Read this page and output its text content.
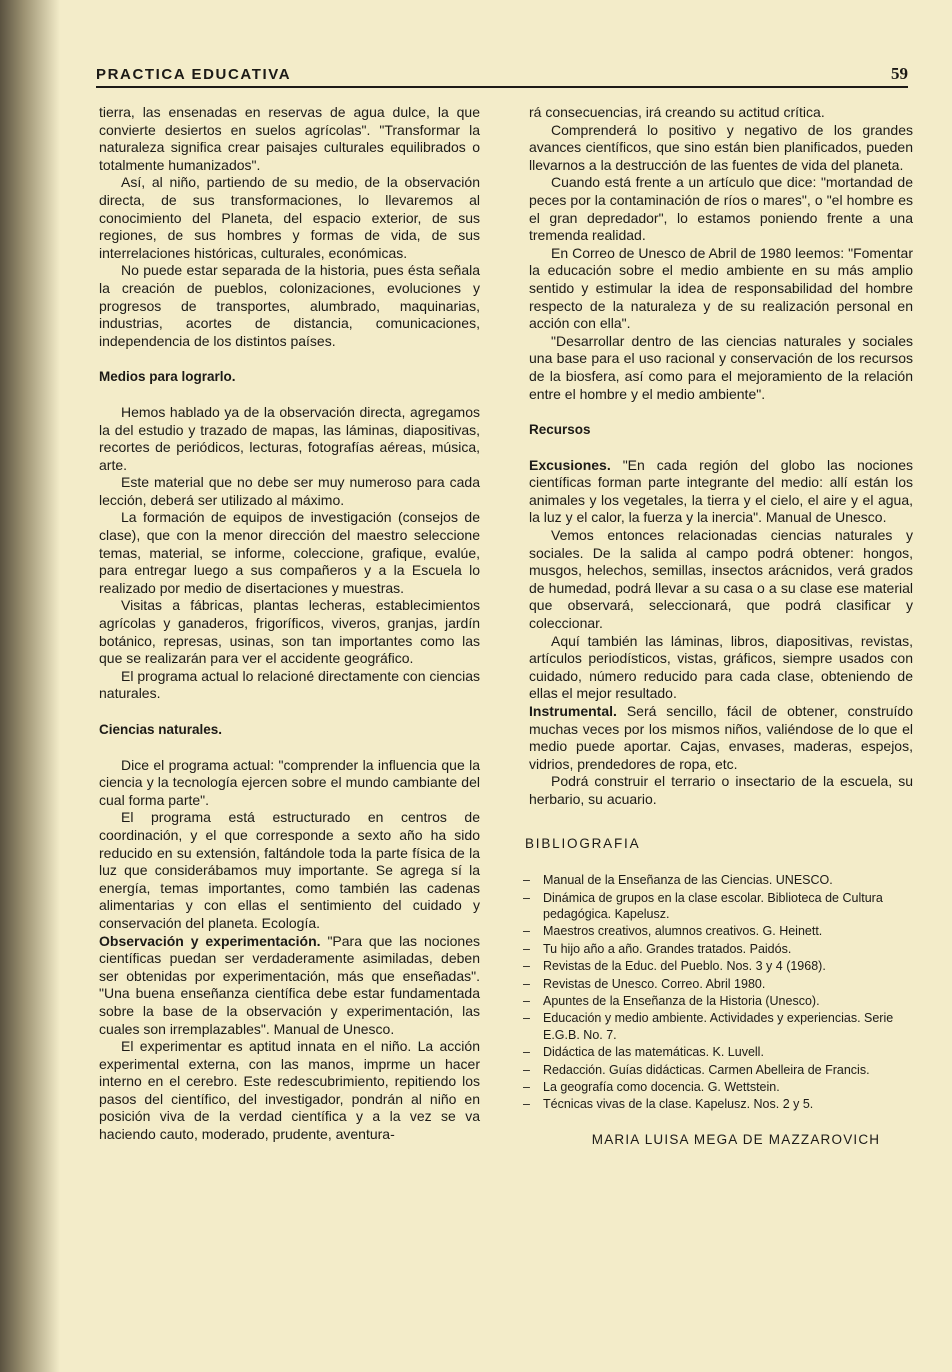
PRACTICA EDUCATIVA	59

tierra, las ensenadas en reservas de agua dulce, la que convierte desiertos en suelos agrícolas". "Transformar la naturaleza significa crear paisajes culturales equilibrados o totalmente humanizados".

Así, al niño, partiendo de su medio, de la observación directa, de sus transformaciones, lo llevaremos al conocimiento del Planeta, del espacio exterior, de sus regiones, de sus hombres y formas de vida, de sus interrelaciones históricas, culturales, económicas.

No puede estar separada de la historia, pues ésta señala la creación de pueblos, colonizaciones, evoluciones y progresos de transportes, alumbrado, maquinarias, industrias, acortes de distancia, comunicaciones, independencia de los distintos países.

Medios para lograrlo.

Hemos hablado ya de la observación directa, agregamos la del estudio y trazado de mapas, las láminas, diapositivas, recortes de periódicos, lecturas, fotografías aéreas, música, arte.

Este material que no debe ser muy numeroso para cada lección, deberá ser utilizado al máximo.

La formación de equipos de investigación (consejos de clase), que con la menor dirección del maestro seleccione temas, material, se informe, coleccione, grafique, evalúe, para entregar luego a sus compañeros y a la Escuela lo realizado por medio de disertaciones y muestras.

Visitas a fábricas, plantas lecheras, establecimientos agrícolas y ganaderos, frigoríficos, viveros, granjas, jardín botánico, represas, usinas, son tan importantes como las que se realizarán para ver el accidente geográfico.

El programa actual lo relacioné directamente con ciencias naturales.

Ciencias naturales.

Dice el programa actual: "comprender la influencia que la ciencia y la tecnología ejercen sobre el mundo cambiante del cual forma parte".

El programa está estructurado en centros de coordinación, y el que corresponde a sexto año ha sido reducido en su extensión, faltándole toda la parte física de la luz que considerábamos muy importante. Se agrega sí la energía, temas importantes, como también las cadenas alimentarias y con ellas el sentimiento del cuidado y conservación del planeta. Ecología.

Observación y experimentación. "Para que las nociones científicas puedan ser verdaderamente asimiladas, deben ser obtenidas por experimentación, más que enseñadas". "Una buena enseñanza científica debe estar fundamentada sobre la base de la observación y experimentación, las cuales son irremplazables". Manual de Unesco.

El experimentar es aptitud innata en el niño. La acción experimental externa, con las manos, imprme un hacer interno en el cerebro. Este redescubrimiento, repitiendo los pasos del científico, del investigador, pondrán al niño en posición viva de la verdad científica y a la vez se va haciendo cauto, moderado, prudente, aventura-

rá consecuencias, irá creando su actitud crítica.

Comprenderá lo positivo y negativo de los grandes avances científicos, que sino están bien planificados, pueden llevarnos a la destrucción de las fuentes de vida del planeta.

Cuando está frente a un artículo que dice: "mortandad de peces por la contaminación de ríos o mares", o "el hombre es el gran depredador", lo estamos poniendo frente a una tremenda realidad.

En Correo de Unesco de Abril de 1980 leemos: "Fomentar la educación sobre el medio ambiente en su más amplio sentido y estimular la idea de responsabilidad del hombre respecto de la naturaleza y de su realización personal en acción con ella".

"Desarrollar dentro de las ciencias naturales y sociales una base para el uso racional y conservación de los recursos de la biosfera, así como para el mejoramiento de la relación entre el hombre y el medio ambiente".

Recursos

Excusiones. "En cada región del globo las nociones científicas forman parte integrante del medio: allí están los animales y los vegetales, la tierra y el cielo, el aire y el agua, la luz y el calor, la fuerza y la inercia". Manual de Unesco.

Vemos entonces relacionadas ciencias naturales y sociales. De la salida al campo podrá obtener: hongos, musgos, helechos, semillas, insectos arácnidos, verá grados de humedad, podrá llevar a su casa o a su clase ese material que observará, seleccionará, que podrá clasificar y coleccionar.

Aquí también las láminas, libros, diapositivas, revistas, artículos periodísticos, vistas, gráficos, siempre usados con cuidado, número reducido para cada clase, obteniendo de ellas el mejor resultado.

Instrumental. Será sencillo, fácil de obtener, construído muchas veces por los mismos niños, valiéndose de lo que el medio puede aportar. Cajas, envases, maderas, espejos, vidrios, prendedores de ropa, etc.

Podrá construir el terrario o insectario de la escuela, su herbario, su acuario.

BIBLIOGRAFIA
– Manual de la Enseñanza de las Ciencias. UNESCO.
– Dinámica de grupos en la clase escolar. Biblioteca de Cultura pedagógica. Kapelusz.
– Maestros creativos, alumnos creativos. G. Heinett.
– Tu hijo año a año. Grandes tratados. Paidós.
– Revistas de la Educ. del Pueblo. Nos. 3 y 4 (1968).
– Revistas de Unesco. Correo. Abril 1980.
– Apuntes de la Enseñanza de la Historia (Unesco).
– Educación y medio ambiente. Actividades y experiencias. Serie E.G.B. No. 7.
– Didáctica de las matemáticas. K. Luvell.
– Redacción. Guías didácticas. Carmen Abelleira de Francis.
– La geografía como docencia. G. Wettstein.
– Técnicas vivas de la clase. Kapelusz. Nos. 2 y 5.
MARIA LUISA MEGA DE MAZZAROVICH
